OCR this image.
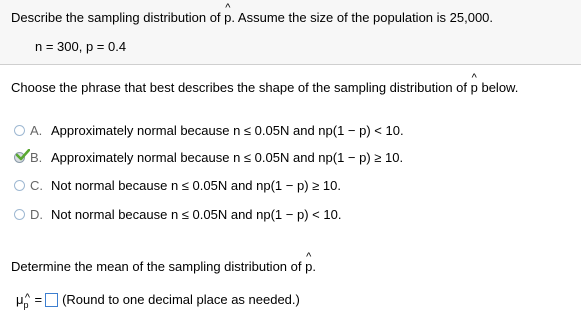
Describe the sampling distribution of ^ p. Assume the size of the population is 25,000.
n = 300, p = 0.4
Choose the phrase that best describes the shape of the sampling distribution of ^ p below.
A. Approximately normal because n ≤ 0.05N and np(1 − p) < 10.
B. Approximately normal because n ≤ 0.05N and np(1 − p) ≥ 10.
C. Not normal because n ≤ 0.05N and np(1 − p) ≥ 10.
D. Not normal because n ≤ 0.05N and np(1 − p) < 10.
Determine the mean of the sampling distribution of ^ p.
μ^ p = (Round to one decimal place as needed.)
